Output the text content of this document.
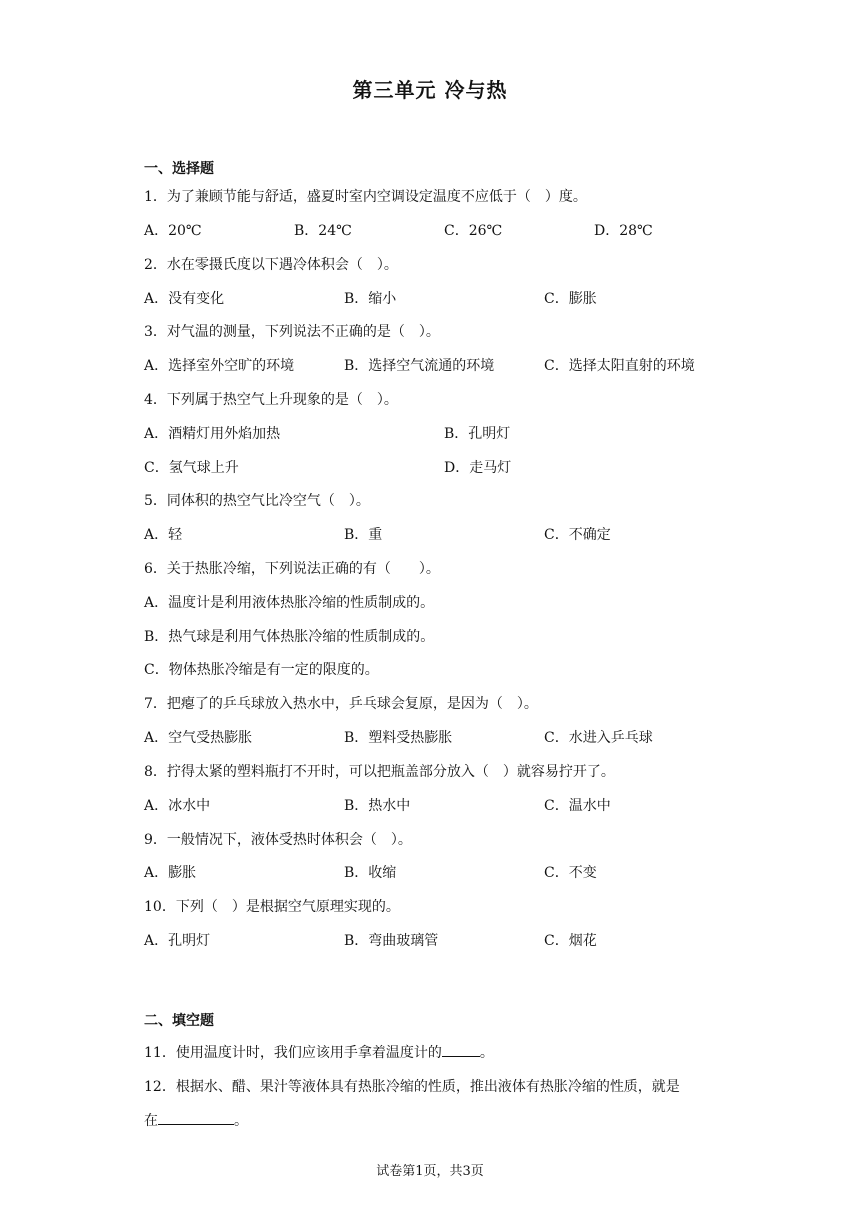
第三单元 冷与热
一、选择题
1．为了兼顾节能与舒适，盛夏时室内空调设定温度不应低于（　）度。
A．20℃	B．24℃	C．26℃	D．28℃
2．水在零摄氏度以下遇冷体积会（　）。
A．没有变化	B．缩小	C．膨胀
3．对气温的测量，下列说法不正确的是（　）。
A．选择室外空旷的环境	B．选择空气流通的环境	C．选择太阳直射的环境
4．下列属于热空气上升现象的是（　）。
A．酒精灯用外焰加热	B．孔明灯
C．氢气球上升	D．走马灯
5．同体积的热空气比冷空气（　）。
A．轻	B．重	C．不确定
6．关于热胀冷缩，下列说法正确的有（　　）。
A．温度计是利用液体热胀冷缩的性质制成的。
B．热气球是利用气体热胀冷缩的性质制成的。
C．物体热胀冷缩是有一定的限度的。
7．把瘪了的乒乓球放入热水中，乒乓球会复原，是因为（　）。
A．空气受热膨胀	B．塑料受热膨胀	C．水进入乒乓球
8．拧得太紧的塑料瓶打不开时，可以把瓶盖部分放入（　）就容易拧开了。
A．冰水中	B．热水中	C．温水中
9．一般情况下，液体受热时体积会（　）。
A．膨胀	B．收缩	C．不变
10．下列（　）是根据空气原理实现的。
A．孔明灯	B．弯曲玻璃管	C．烟花
二、填空题
11．使用温度计时，我们应该用手拿着温度计的	。
12．根据水、醋、果汁等液体具有热胀冷缩的性质，推出液体有热胀冷缩的性质，就是
在	。
试卷第1页，共3页
